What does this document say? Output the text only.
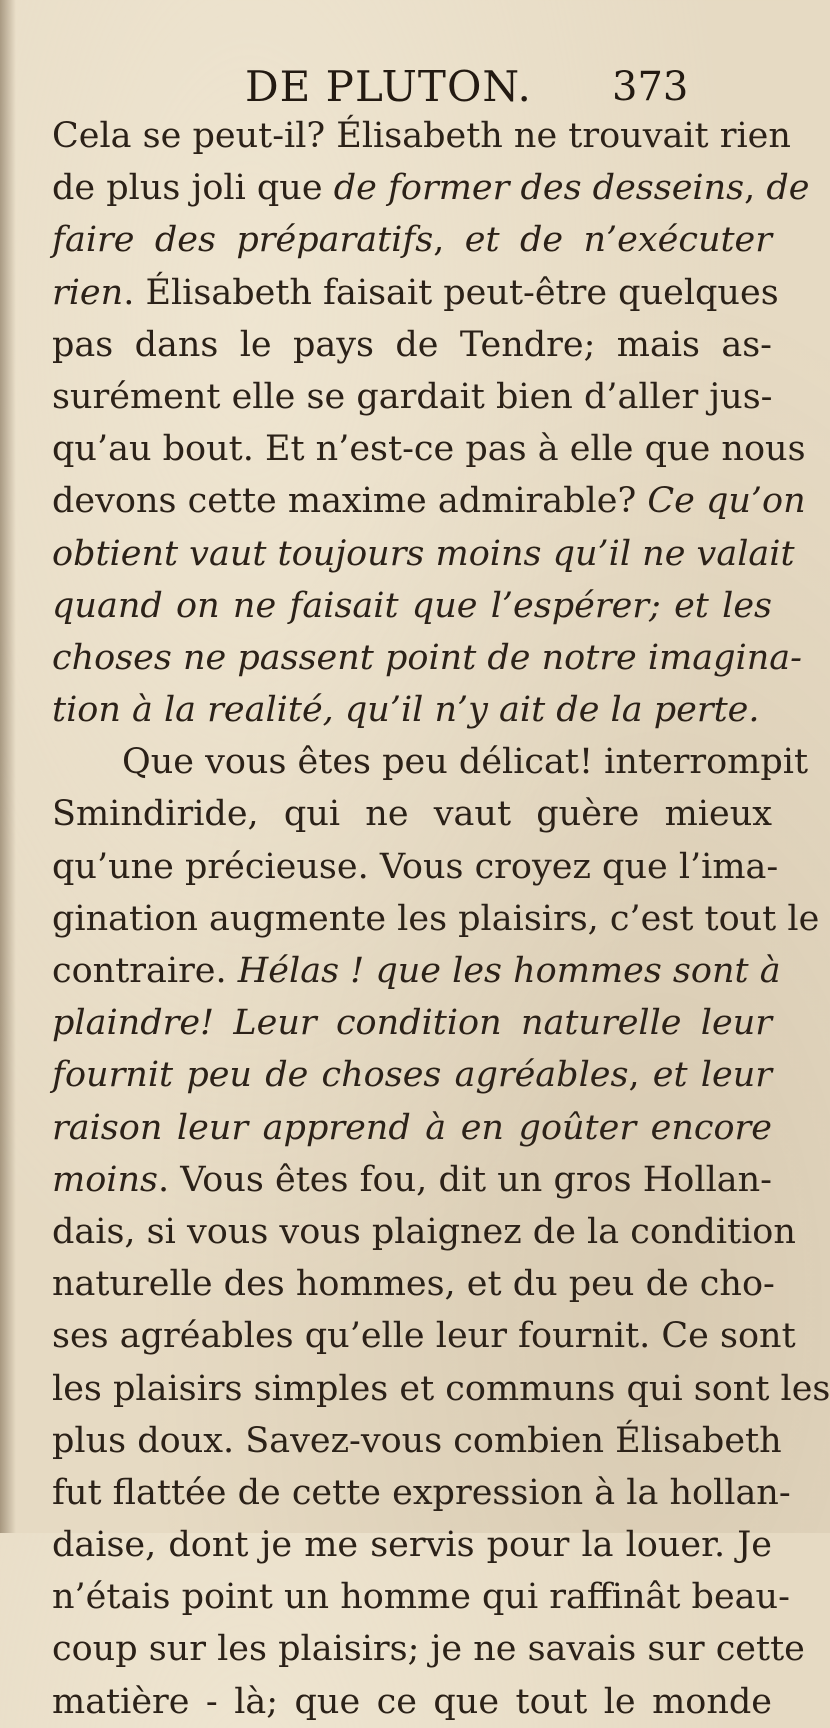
DE PLUTON. 373
Cela se peut-il? Élisabeth ne trouvait rien
de plus joli que de former des desseins, de
faire des préparatifs, et de n’exécuter
rien. Élisabeth faisait peut-être quelques
pas dans le pays de Tendre; mais as-
surément elle se gardait bien d’aller jus-
qu’au bout. Et n’est-ce pas à elle que nous
devons cette maxime admirable? Ce qu’on
obtient vaut toujours moins qu’il ne valait
quand on ne faisait que l’espérer; et les
choses ne passent point de notre imagina-
tion à la realité, qu’il n’y ait de la perte.
Que vous êtes peu délicat! interrompit
Smindiride, qui ne vaut guère mieux
qu’une précieuse. Vous croyez que l’ima-
gination augmente les plaisirs, c’est tout le
contraire. Hélas ! que les hommes sont à
plaindre! Leur condition naturelle leur
fournit peu de choses agréables, et leur
raison leur apprend à en goûter encore
moins. Vous êtes fou, dit un gros Hollan-
dais, si vous vous plaignez de la condition
naturelle des hommes, et du peu de cho-
ses agréables qu’elle leur fournit. Ce sont
les plaisirs simples et communs qui sont les
plus doux. Savez-vous combien Élisabeth
fut flattée de cette expression à la hollan-
daise, dont je me servis pour la louer. Je
n’étais point un homme qui raffinât beau-
coup sur les plaisirs; je ne savais sur cette
matière - là; que ce que tout le monde
